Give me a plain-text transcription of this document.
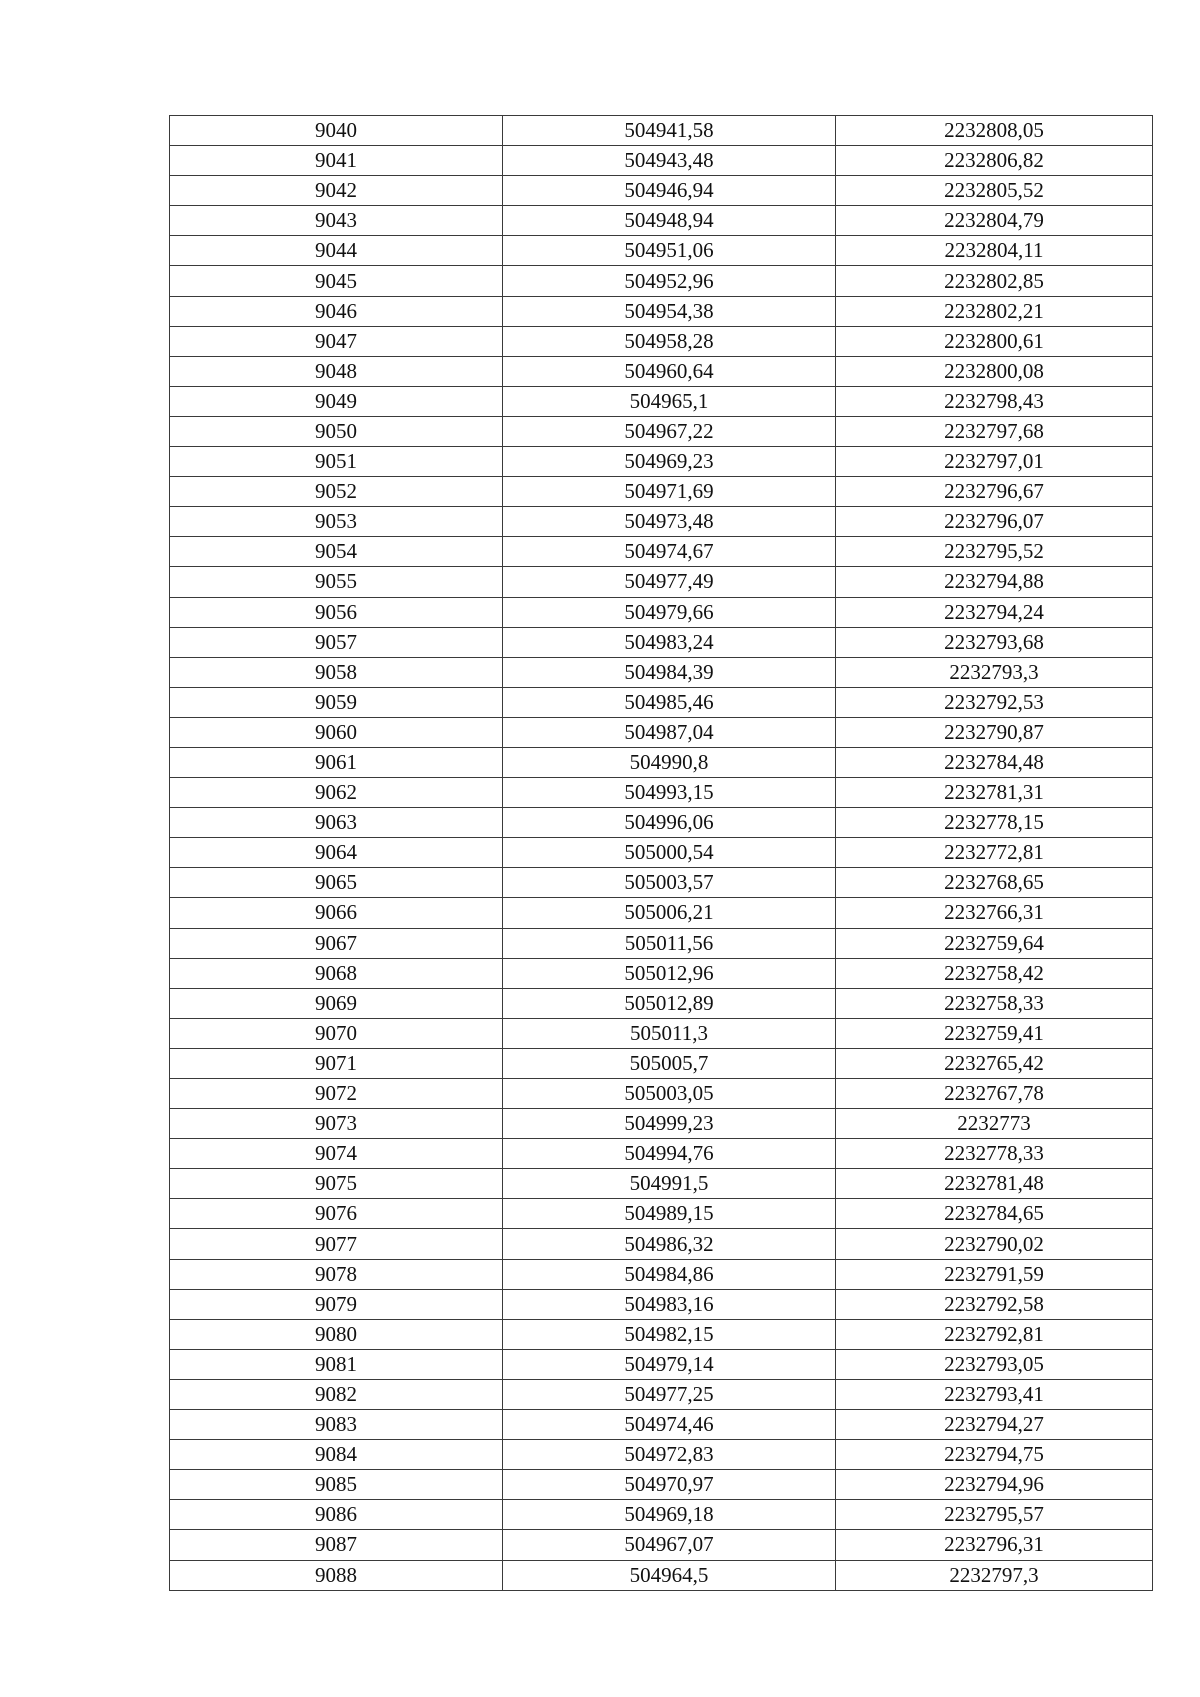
9040	504941,58	2232808,05
9041	504943,48	2232806,82
9042	504946,94	2232805,52
9043	504948,94	2232804,79
9044	504951,06	2232804,11
9045	504952,96	2232802,85
9046	504954,38	2232802,21
9047	504958,28	2232800,61
9048	504960,64	2232800,08
9049	504965,1	2232798,43
9050	504967,22	2232797,68
9051	504969,23	2232797,01
9052	504971,69	2232796,67
9053	504973,48	2232796,07
9054	504974,67	2232795,52
9055	504977,49	2232794,88
9056	504979,66	2232794,24
9057	504983,24	2232793,68
9058	504984,39	2232793,3
9059	504985,46	2232792,53
9060	504987,04	2232790,87
9061	504990,8	2232784,48
9062	504993,15	2232781,31
9063	504996,06	2232778,15
9064	505000,54	2232772,81
9065	505003,57	2232768,65
9066	505006,21	2232766,31
9067	505011,56	2232759,64
9068	505012,96	2232758,42
9069	505012,89	2232758,33
9070	505011,3	2232759,41
9071	505005,7	2232765,42
9072	505003,05	2232767,78
9073	504999,23	2232773
9074	504994,76	2232778,33
9075	504991,5	2232781,48
9076	504989,15	2232784,65
9077	504986,32	2232790,02
9078	504984,86	2232791,59
9079	504983,16	2232792,58
9080	504982,15	2232792,81
9081	504979,14	2232793,05
9082	504977,25	2232793,41
9083	504974,46	2232794,27
9084	504972,83	2232794,75
9085	504970,97	2232794,96
9086	504969,18	2232795,57
9087	504967,07	2232796,31
9088	504964,5	2232797,3
